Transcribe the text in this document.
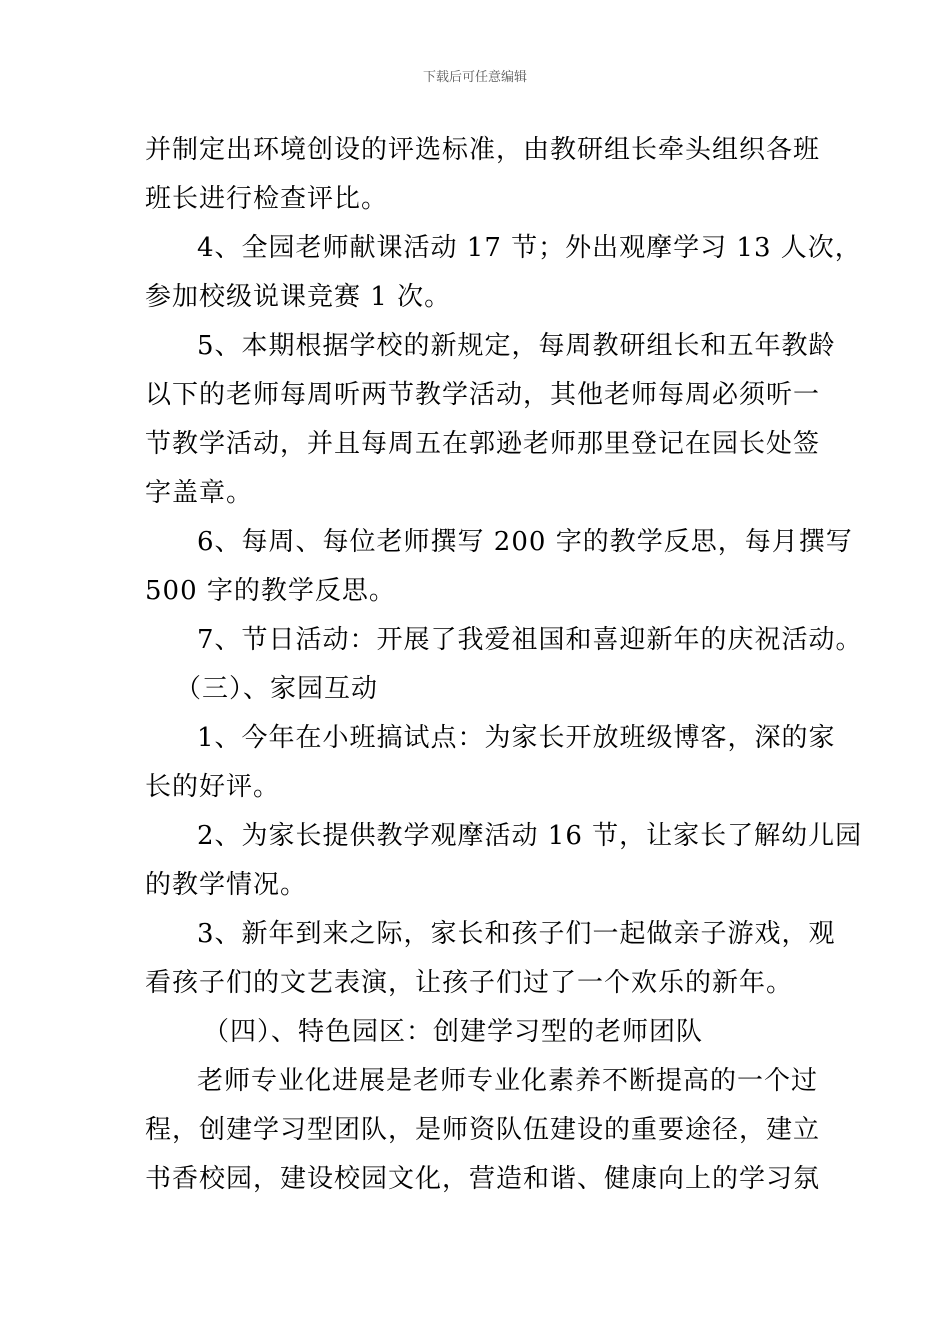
下载后可任意编辑
并制定出环境创设的评选标准，由教研组长牵头组织各班
班长进行检查评比。
4、全园老师献课活动 17 节；外出观摩学习 13 人次，
参加校级说课竞赛 1 次。
5、本期根据学校的新规定，每周教研组长和五年教龄
以下的老师每周听两节教学活动，其他老师每周必须听一
节教学活动，并且每周五在郭逊老师那里登记在园长处签
字盖章。
6、每周、每位老师撰写 200 字的教学反思，每月撰写
500 字的教学反思。
7、节日活动：开展了我爱祖国和喜迎新年的庆祝活动。
（三）、家园互动
1、今年在小班搞试点：为家长开放班级博客，深的家
长的好评。
2、为家长提供教学观摩活动 16 节，让家长了解幼儿园
的教学情况。
3、新年到来之际，家长和孩子们一起做亲子游戏，观
看孩子们的文艺表演，让孩子们过了一个欢乐的新年。
（四）、特色园区：创建学习型的老师团队
老师专业化进展是老师专业化素养不断提高的一个过
程，创建学习型团队，是师资队伍建设的重要途径，建立
书香校园，建设校园文化，营造和谐、健康向上的学习氛
